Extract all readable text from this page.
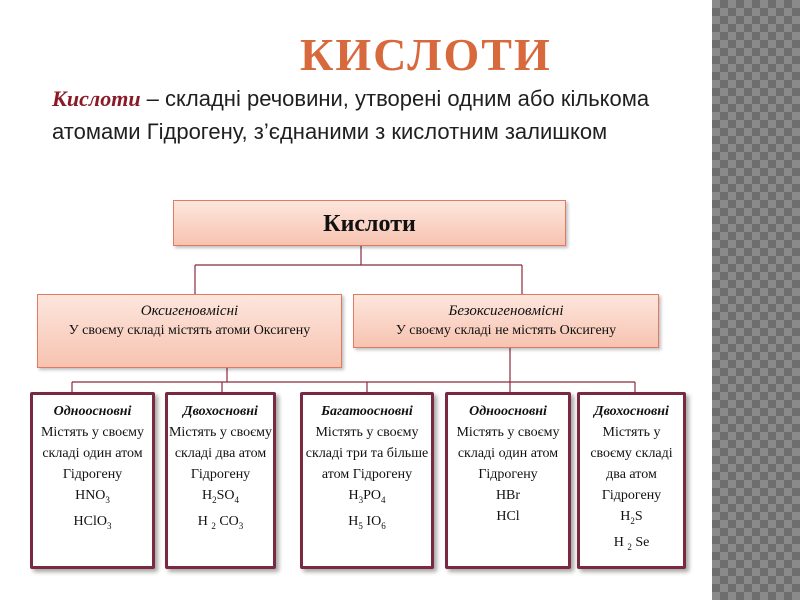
КИСЛОТИ

Кислоти – складні речовини, утворені одним або кількома атомами Гідрогену, з’єднаними з кислотним залишком

Кислоти
Оксигеновмісні
У своєму складі містять атоми Оксигену
Безоксигеновмісні
У своєму складі не містять Оксигену
Одноосновні
Містять у своєму складі один атом Гідрогену
$HNO_3$
HClO$_3$
Двохосновні
Містять у своєму складі два атом Гідрогену
$H_2SO_4$
H $_2$ $CO_3$
Багатоосновні
Містять у своєму складі три та більше атом Гідрогену
$H_3PO_4$
$H_5$ $IO_6$
Одноосновні
Містять у своєму складі один атом Гідрогену
HBr
HCl
Двохосновні
Містять у своєму складі два атом Гідрогену
$H_2S$
H $_2$ Se
